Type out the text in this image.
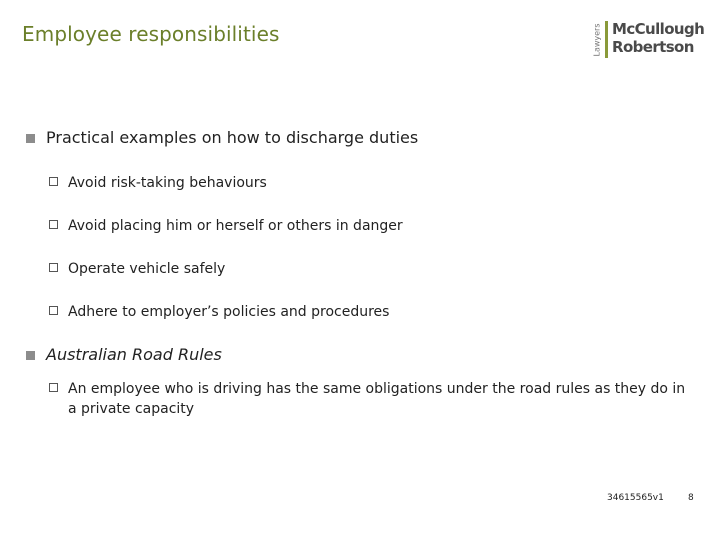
Employee responsibilities	Lawyers McCullough
Robertson
Practical examples on how to discharge duties
Avoid risk-taking behaviours
Avoid placing him or herself or others in danger
Operate vehicle safely
Adhere to employer’s policies and procedures
Australian Road Rules
An employee who is driving has the same obligations under the road rules as they do in a private capacity
34615565v1	8
